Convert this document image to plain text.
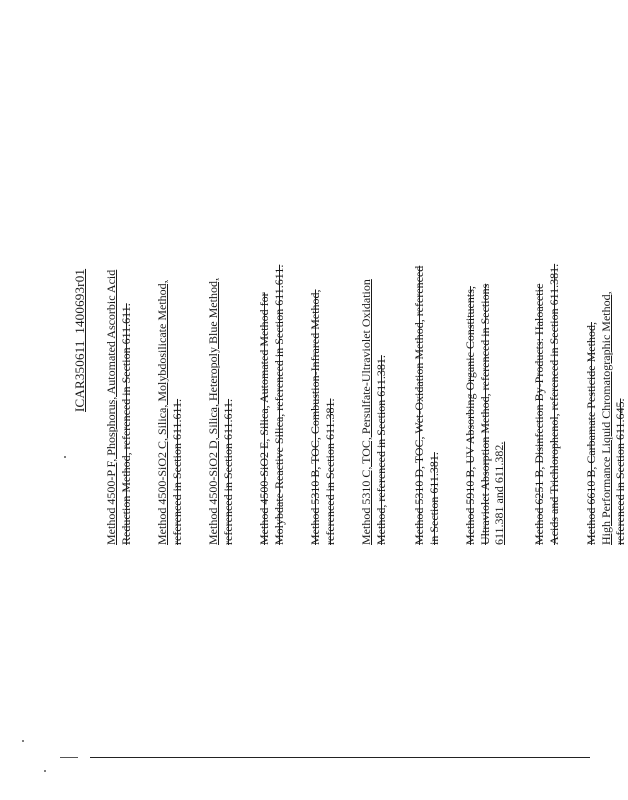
ICAR350611_1400693r01 Method 4500-P F, Phosphorus, Automated Ascorbic Acid Reduction Method, referenced in Section 611.611. Method 4500-SiO2 C, Silica, Molybdosilicate Method, referenced in Section 611.611. Method 4500-SiO2 D, Silica, Heteropoly Blue Method, referenced in Section 611.611. Method 4500-SiO2 E, Silica, Automated Method for Molybdate-Reactive Silica, referenced in Section 611.611. Method 5310 B, TOC, Combustion-Infrared Method, referenced in Section 611.381. Method 5310 C, TOC, Persulfate-Ultraviolet Oxidation Method, referenced in Section 611.381. Method 5310 D, TOC, Wet-Oxidation Method, referenced in Section 611.381. Method 5910 B, UV Absorbing Organic Constituents, Ultraviolet Absorption Method, referenced in Sections 611.381 and 611.382. Method 6251 B, Disinfection By-Products: Haloacetic Acids and Trichlorophenol, referenced in Section 611.381. Method 6610 B, Carbamate Pesticide Method, High Performance Liquid Chromatographic Method, referenced in Section 611.645.
